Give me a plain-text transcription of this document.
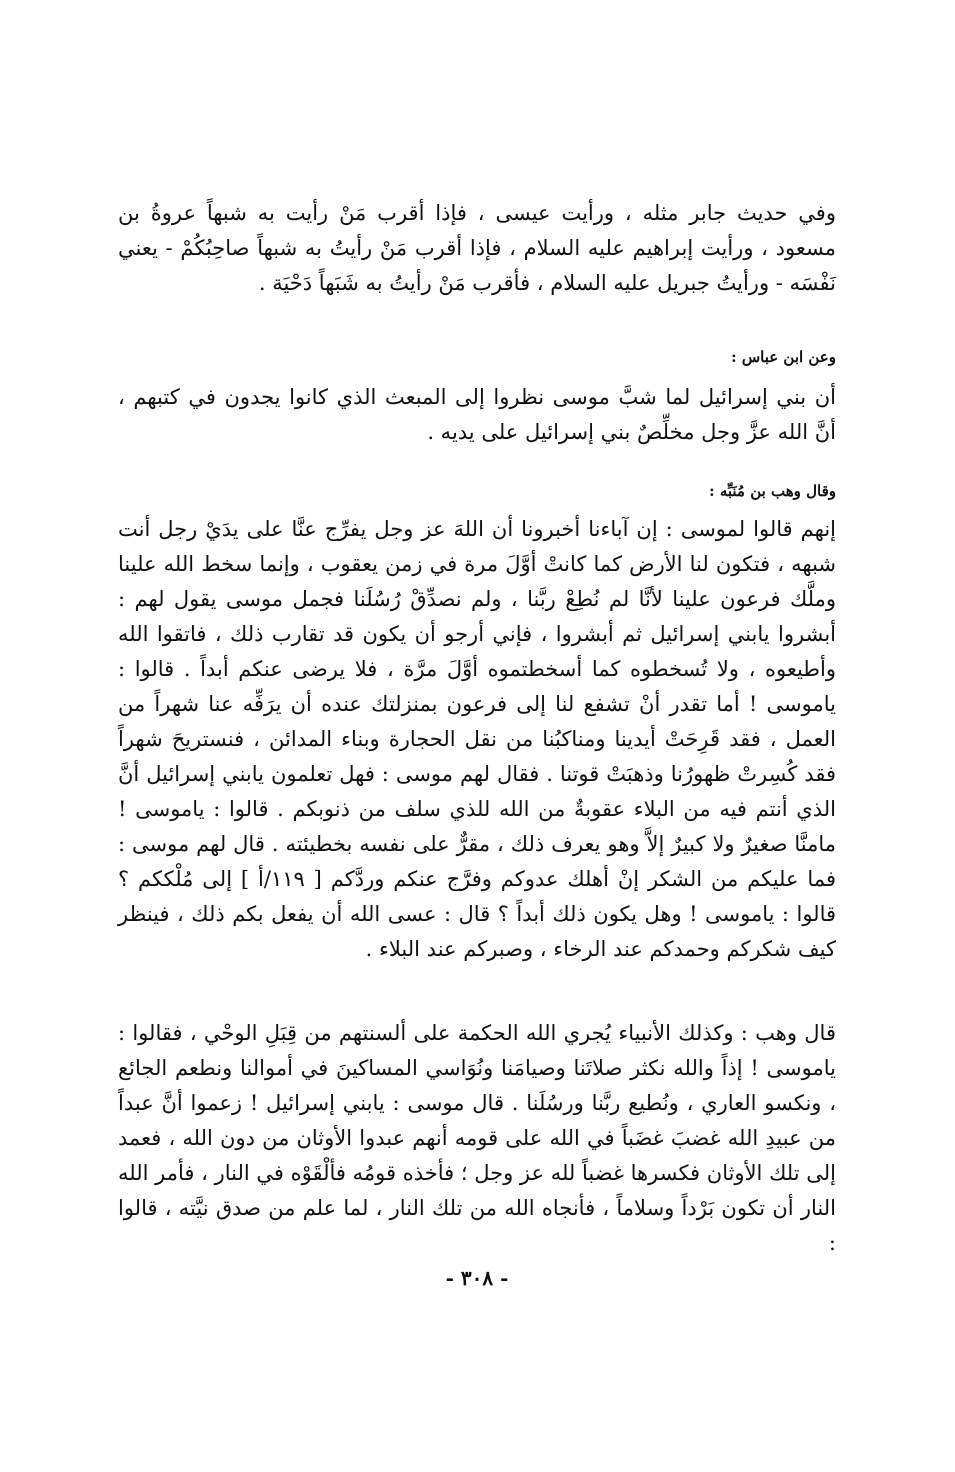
وفي حديث جابر مثله ، ورأيت عيسى ، فإذا أقرب مَنْ رأيت به شبهاً عروةُ بن مسعود ، ورأيت إبراهيم عليه السلام ، فإذا أقرب مَنْ رأيتُ به شبهاً صاحِبُكُمْ - يعني نَفْسَه - ورأيتُ جبريل عليه السلام ، فأقرب مَنْ رأيتُ به شَبَهاً دَحْيَة .

وعن ابن عباس :

أن بني إسرائيل لما شبَّ موسى نظروا إلى المبعث الذي كانوا يجدون في كتبهم ، أنَّ الله عزَّ وجل مخلِّصٌ بني إسرائيل على يديه .

وقال وهب بن مُنَبِّه :

إنهم قالوا لموسى : إن آباءنا أخبرونا أن اللهَ عز وجل يفرِّج عنَّا على يدَيْ رجل أنت شبهه ، فتكون لنا الأرض كما كانتْ أوَّلَ مرة في زمن يعقوب ، وإنما سخط الله علينا وملَّك فرعون علينا لأنَّا لم نُطِعْ ربَّنا ، ولم نصدِّقْ رُسُلَنا فجمل موسى يقول لهم : أبشروا يابني إسرائيل ثم أبشروا ، فإني أرجو أن يكون قد تقارب ذلك ، فاتقوا الله وأطيعوه ، ولا تُسخطوه كما أسخطتموه أوَّلَ مرَّة ، فلا يرضى عنكم أبداً . قالوا : ياموسى ! أما تقدر أنْ تشفع لنا إلى فرعون بمنزلتك عنده أن يرَفِّه عنا شهراً من العمل ، فقد قَرِحَتْ أيدينا ومناكبُنا من نقل الحجارة وبناء المدائن ، فنستريحَ شهراً فقد كُسِرتْ ظهورُنا وذهبَتْ قوتنا . فقال لهم موسى : فهل تعلمون يابني إسرائيل أنَّ الذي أنتم فيه من البلاء عقوبةٌ من الله للذي سلف من ذنوبكم . قالوا : ياموسى ! مامنَّا صغيرٌ ولا كبيرٌ إلاَّ وهو يعرف ذلك ، مقرٌّ على نفسه بخطيئته . قال لهم موسى : فما عليكم من الشكر إنْ أهلك عدوكم وفرَّج عنكم وردَّكم [ ١١٩/أ ] إلى مُلْككم ؟ قالوا : ياموسى ! وهل يكون ذلك أبداً ؟ قال : عسى الله أن يفعل بكم ذلك ، فينظر كيف شكركم وحمدكم عند الرخاء ، وصبركم عند البلاء .

قال وهب : وكذلك الأنبياء يُجري الله الحكمة على ألسنتهم من قِبَلِ الوحْي ، فقالوا : ياموسى ! إذاً والله نكثر صلاتَنا وصيامَنا ونُوَاسي المساكينَ في أموالنا ونطعم الجائع ، ونكسو العاري ، ونُطيع ربَّنا ورسُلَنا . قال موسى : يابني إسرائيل ! زعموا أنَّ عبداً من عبيدِ الله غضبَ غضَباً في الله على قومه أنهم عبدوا الأوثان من دون الله ، فعمد إلى تلك الأوثان فكسرها غضباً لله عز وجل ؛ فأخذه قومُه فألْقَوْه في النار ، فأمر الله النار أن تكون بَرْداً وسلاماً ، فأنجاه الله من تلك النار ، لما علم من صدق نيَّته ، قالوا :

- ٣٠٨ -
